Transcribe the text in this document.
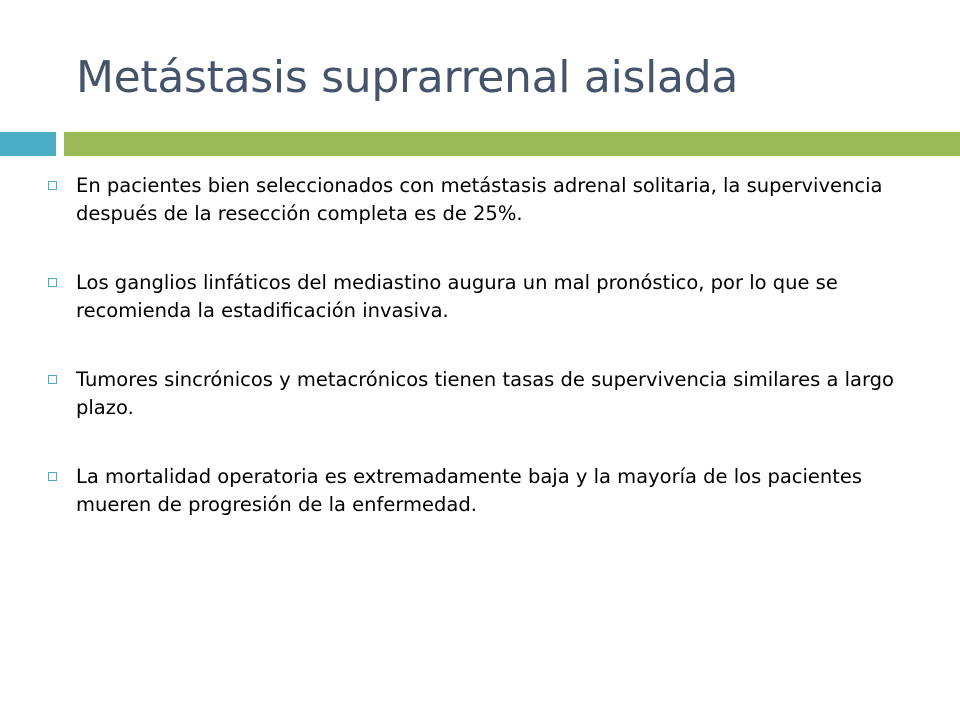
Metástasis suprarrenal aislada
En pacientes bien seleccionados con metástasis adrenal solitaria, la supervivencia después de la resección completa es de 25%.
Los ganglios linfáticos del mediastino augura un mal pronóstico, por lo que se recomienda la estadificación invasiva.
Tumores sincrónicos y metacrónicos tienen tasas de supervivencia similares a largo plazo.
La mortalidad operatoria es extremadamente baja y la mayoría de los pacientes mueren de progresión de la enfermedad.
